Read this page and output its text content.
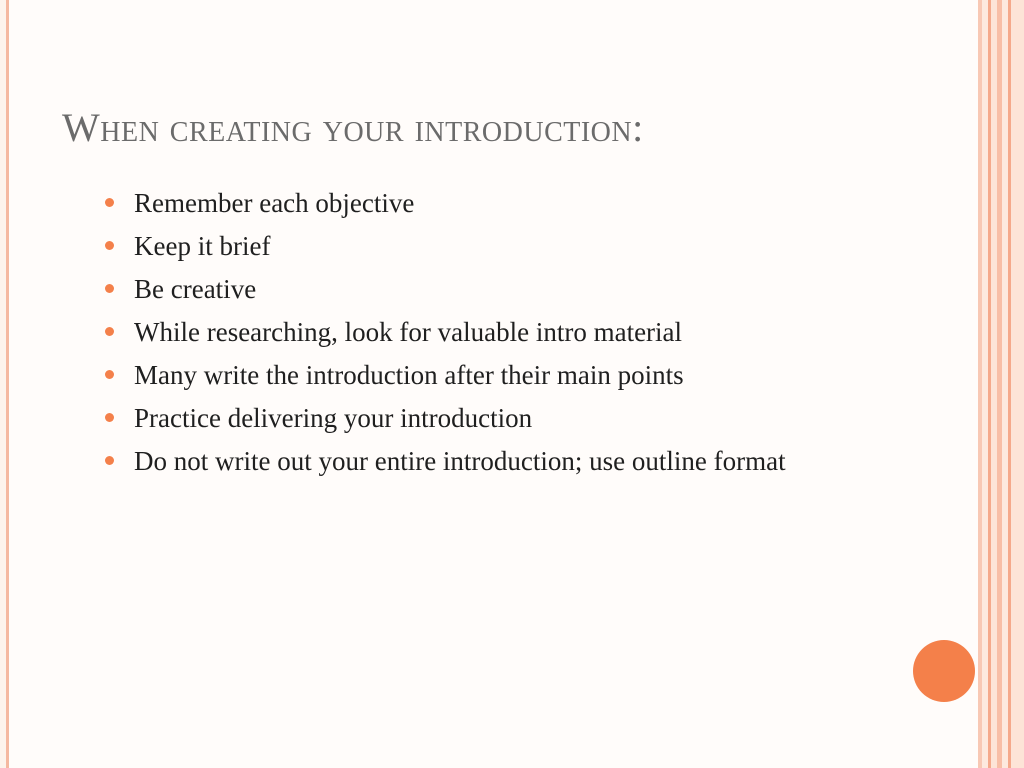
When creating your introduction:
Remember each objective
Keep it brief
Be creative
While researching, look for valuable intro material
Many write the introduction after their main points
Practice delivering your introduction
Do not write out your entire introduction; use outline format
